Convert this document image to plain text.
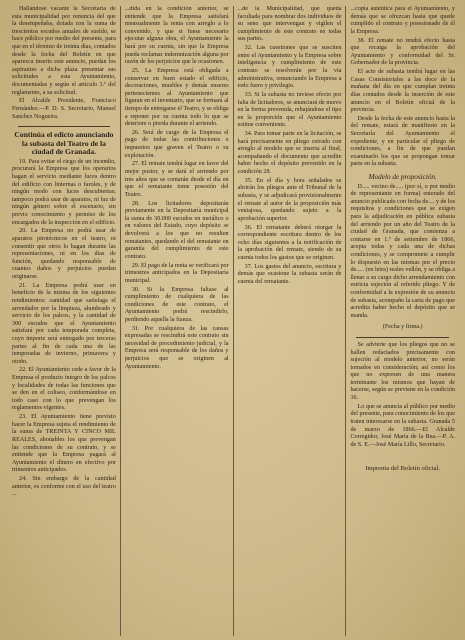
Hallándose vacante la Secretaría de esta municipalidad por renuncia del que la desempeñaba, dotada con la suma de trescientos escudos anuales de sueldo, se hace público por medio del presente, para que en el término de treinta días, contados desde la fecha del Boletín en que aparezca inserto este anuncio, puedan los aspirantes a dicha plaza presentar sus solicitudes a esta Ayuntamiento, documentadas y según el artículo 3.º del reglamento, a su solicitud.

El Alcalde Presidente, Francisco Fernández.—P. D. S. Secretario, Manuel Sanchez Nogueira.

Continúa el edicto anunciando la subasta del Teatro de la ciudad de Granada.

19. Para evitar el riego de un incendio, procurará la Empresa que los operarios hagan el servicio mediante luces dentro del edificio con linternas o faroles, y de ningún modo con luces descubiertas; tampoco podrá usar de aparatos, ni luz de ningún género sobre el escenario, sin previo conocimiento y permiso de los encargados de la inspección en el edificio.

20. La Empresa no podrá usar de aparatos pirotécnicos en el teatro, ni consentir que otros lo hagan durante las representaciones, ni en los dias de función, quedando responsable de cuantos daños y perjuicios puedan originarse.

21. La Empresa podrá usar en beneficio de la misma de los siguientes rendimientos: cantidad que satisfaga el arrendador por la limpieza, alumbrado y servicio de los palcos, y la cantidad de 300 escudos que el Ayuntamiento satisfará por cada temporada completa, cuyo importe será entregado por terceras partes al fin de cada una de las temporadas de invierno, primavera y otoño.

22. El Ayuntamiento cede a favor de la Empresa el producto íntegro de los palcos y localidades de todas las funciones que se den en el coliseo, conformándose en todo caso con lo que prevengan los reglamentos vigentes.

23. El Ayuntamiento tiene previsto hacer la Empresa sujeta el rendimiento de la suma de TREINTA Y CINCO MIL REALES, abonables los que prevengan las condiciones de su contrato, y se entiende que la Empresa pagará al Ayuntamiento el dinero en efectivo por trimestres anticipados.

24. Sin embargo de la cantidad anterior, es conforme con el uso del teatro ...

...dida en la condición anterior, se entiende que la Empresa satisfará mensualmente la renta con arreglo a lo convenido, y que si fuese necesario ejecutar alguna obra, el Ayuntamiento la hará por su cuenta, sin que la Empresa pueda reclamar indemnización alguna por razón de los perjuicios que le ocasionen.

25. La Empresa está obligada a conservar en buen estado el edificio, decoraciones, muebles y demás enseres pertenecientes al Ayuntamiento que figuran en el inventario, que se formará al tiempo de entregarse el Teatro, y se obliga a reponer por su cuenta todo lo que se deteriore o pierda durante el arriendo.

26. Será de cargo de la Empresa el pago de todas las contribuciones e impuestos que graven el Teatro o su explotación.

27. El remate tendrá lugar en favor del mejor postor, y se dará el arriendo por tres años que se contarán desde el día en que el rematante tome posesión del Teatro.

28. Los licitadores depositarán previamente en la Depositaría municipal la suma de 30.000 escudos en metálico o en valores del Estado, cuyo depósito se devolverá a los que no resulten rematantes, quedando el del rematante en garantía del cumplimiento de este contrato.

29. El pago de la renta se verificará por trimestres anticipados en la Depositaría municipal.

30. Si la Empresa faltase al cumplimiento de cualquiera de las condiciones de este contrato, el Ayuntamiento podrá rescindirlo, perdiendo aquella la fianza.

31. Por cualquiera de las causas expresadas se rescindirá este contrato sin necesidad de procedimiento judicial, y la Empresa será responsable de los daños y perjuicios que se originen al Ayuntamiento.

...de la Municipalidad, que queda facultada para nombrar dos individuos de su seno que intervengan y vigilen el cumplimiento de este contrato en todas sus partes.

32. Las cuestiones que se susciten entre el Ayuntamiento y la Empresa sobre inteligencia y cumplimiento de este contrato se resolverán por la vía administrativa, renunciando la Empresa a todo fuero y privilegio.

33. Si la subasta no tuviese efecto por falta de licitadores, se anunciará de nuevo en la forma prevenida, rebajándose el tipo en la proporción que el Ayuntamiento estime conveniente.

34. Para tomar parte en la licitación, se hará precisamente en pliego cerrado con arreglo al modelo que se inserta al final, acompañando el documento que acredite haber hecho el depósito prevenido en la condición 28.

35. En el día y hora señalados se abrirán los pliegos ante el Tribunal de la subasta, y se adjudicará provisionalmente el remate al autor de la proposición más ventajosa, quedando sujeto a la aprobación superior.

36. El rematante deberá otorgar la correspondiente escritura dentro de los ocho días siguientes a la notificación de la aprobación del remate, siendo de su cuenta todos los gastos que se originen.

37. Los gastos del anuncio, escritura y demás que ocasione la subasta serán de cuenta del rematante.

...copia auténtica para el Ayuntamiento, y demás que se ofrezcan hasta que quede cumplido el contrato y posesionado de él la Empresa.

38. El remate no tendrá efecto hasta que recaiga la aprobación del Ayuntamiento y conformidad del Sr. Gobernador de la provincia.

El acto de subasta tendrá lugar en las Casas Consistoriales a las doce de la mañana del día en que cumplan treinta días contados desde la inserción de este anuncio en el Boletín oficial de la provincia.

Desde la fecha de este anuncio hasta la del remate, estará de manifiesto en la Secretaría del Ayuntamiento el expediente, y en particular el pliego de condiciones, a fin de que puedan examinarlo los que se propongan tomar parte en la subasta.

Modelo de proposición.

D..... vecino de..... (por sí, o por medio de representante en forma) enterado del anuncio publicado con fecha de.... y de los requisitos y condiciones que se exigen para la adjudicación en pública subasta del arriendo por un año del Teatro de la ciudad de Granada, que comienza a contarse en 1.º de setiembre de 1866, acepta todas y cada una de dichas condiciones, y se compromete a cumplir lo dispuesto en las mismas por el precio de..... (en letra) reales vellón, y se obliga a llenar a su cargo dicho arrendamiento con estricta sujeción al referido pliego. Y de conformidad a la expresión de su anuncio de subasta, acompaño la carta de pago que acredita haber hecho el depósito que se manda.

(Fecha y firma.)

Se advierte que los pliegos que no se hallen redactados precisamente con sujeción al modelo anterior, no serán tomados en consideración; así como los que no expresen de una manera terminante los mismos que hayan de hacerse, según se previene en la condición 36.

Lo que se anuncia al público por medio del presente, para conocimiento de los que traten interesarse en la subasta. Granada 5 de marzo de 1866.—El Alcalde Corregidor, José María de la Rea.—P. A. de S. E.—José María Lillo, Secretario.

Imprenta del Boletín oficial.
